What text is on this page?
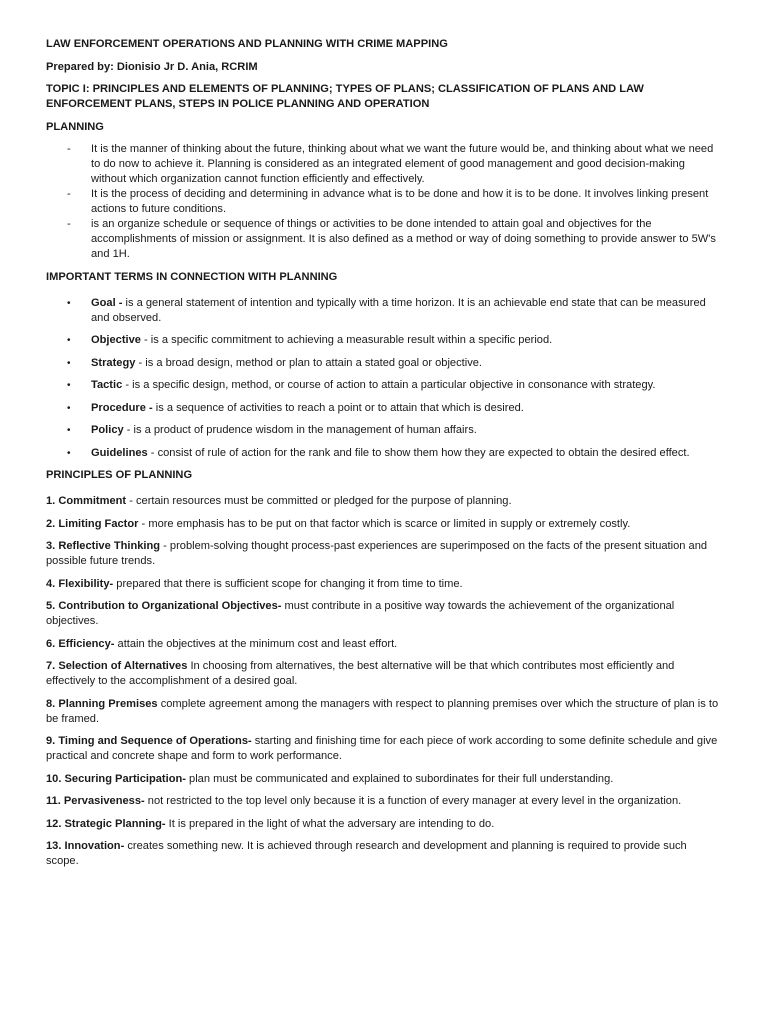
LAW ENFORCEMENT OPERATIONS AND PLANNING WITH CRIME MAPPING

Prepared by: Dionisio Jr D. Ania, RCRIM

TOPIC I: PRINCIPLES AND ELEMENTS OF PLANNING; TYPES OF PLANS; CLASSIFICATION OF PLANS AND LAW ENFORCEMENT PLANS, STEPS IN POLICE PLANNING AND OPERATION

PLANNING

- It is the manner of thinking about the future, thinking about what we want the future would be, and thinking about what we need to do now to achieve it. Planning is considered as an integrated element of good management and good decision-making without which organization cannot function efficiently and effectively.
- It is the process of deciding and determining in advance what is to be done and how it is to be done. It involves linking present actions to future conditions.
- is an organize schedule or sequence of things or activities to be done intended to attain goal and objectives for the accomplishments of mission or assignment. It is also defined as a method or way of doing something to provide answer to 5W's and 1H.

IMPORTANT TERMS IN CONNECTION WITH PLANNING

• Goal - is a general statement of intention and typically with a time horizon. It is an achievable end state that can be measured and observed.
• Objective - is a specific commitment to achieving a measurable result within a specific period.
• Strategy - is a broad design, method or plan to attain a stated goal or objective.
• Tactic - is a specific design, method, or course of action to attain a particular objective in consonance with strategy.
• Procedure - is a sequence of activities to reach a point or to attain that which is desired.
• Policy - is a product of prudence wisdom in the management of human affairs.
• Guidelines - consist of rule of action for the rank and file to show them how they are expected to obtain the desired effect.

PRINCIPLES OF PLANNING

1. Commitment - certain resources must be committed or pledged for the purpose of planning.

2. Limiting Factor - more emphasis has to be put on that factor which is scarce or limited in supply or extremely costly.

3. Reflective Thinking - problem-solving thought process-past experiences are superimposed on the facts of the present situation and possible future trends.

4. Flexibility- prepared that there is sufficient scope for changing it from time to time.

5. Contribution to Organizational Objectives- must contribute in a positive way towards the achievement of the organizational objectives.

6. Efficiency- attain the objectives at the minimum cost and least effort.

7. Selection of Alternatives In choosing from alternatives, the best alternative will be that which contributes most efficiently and effectively to the accomplishment of a desired goal.

8. Planning Premises complete agreement among the managers with respect to planning premises over which the structure of plan is to be framed.

9. Timing and Sequence of Operations- starting and finishing time for each piece of work according to some definite schedule and give practical and concrete shape and form to work performance.

10. Securing Participation- plan must be communicated and explained to subordinates for their full understanding.

11. Pervasiveness- not restricted to the top level only because it is a function of every manager at every level in the organization.

12. Strategic Planning- It is prepared in the light of what the adversary are intending to do.

13. Innovation- creates something new. It is achieved through research and development and planning is required to provide such scope.
